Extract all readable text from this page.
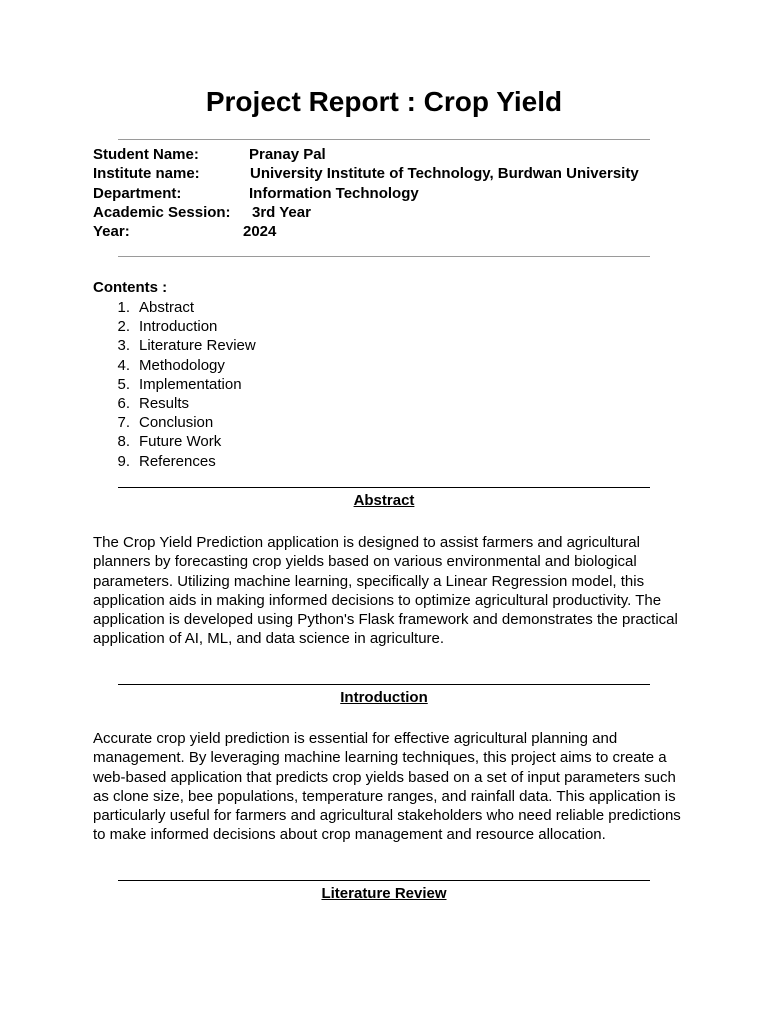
Project Report : Crop Yield
Student Name:	Pranay Pal
Institute name:	University Institute of Technology, Burdwan University
Department:	Information Technology
Academic Session: 3rd Year
Year:	2024

Contents :

1. Abstract
2. Introduction
3. Literature Review
4. Methodology
5. Implementation
6. Results
7. Conclusion
8. Future Work
9. References
Abstract

The Crop Yield Prediction application is designed to assist farmers and agricultural planners by forecasting crop yields based on various environmental and biological parameters. Utilizing machine learning, specifically a Linear Regression model, this application aids in making informed decisions to optimize agricultural productivity. The application is developed using Python's Flask framework and demonstrates the practical application of AI, ML, and data science in agriculture.

Introduction

Accurate crop yield prediction is essential for effective agricultural planning and management. By leveraging machine learning techniques, this project aims to create a web-based application that predicts crop yields based on a set of input parameters such as clone size, bee populations, temperature ranges, and rainfall data. This application is particularly useful for farmers and agricultural stakeholders who need reliable predictions to make informed decisions about crop management and resource allocation.

Literature Review
